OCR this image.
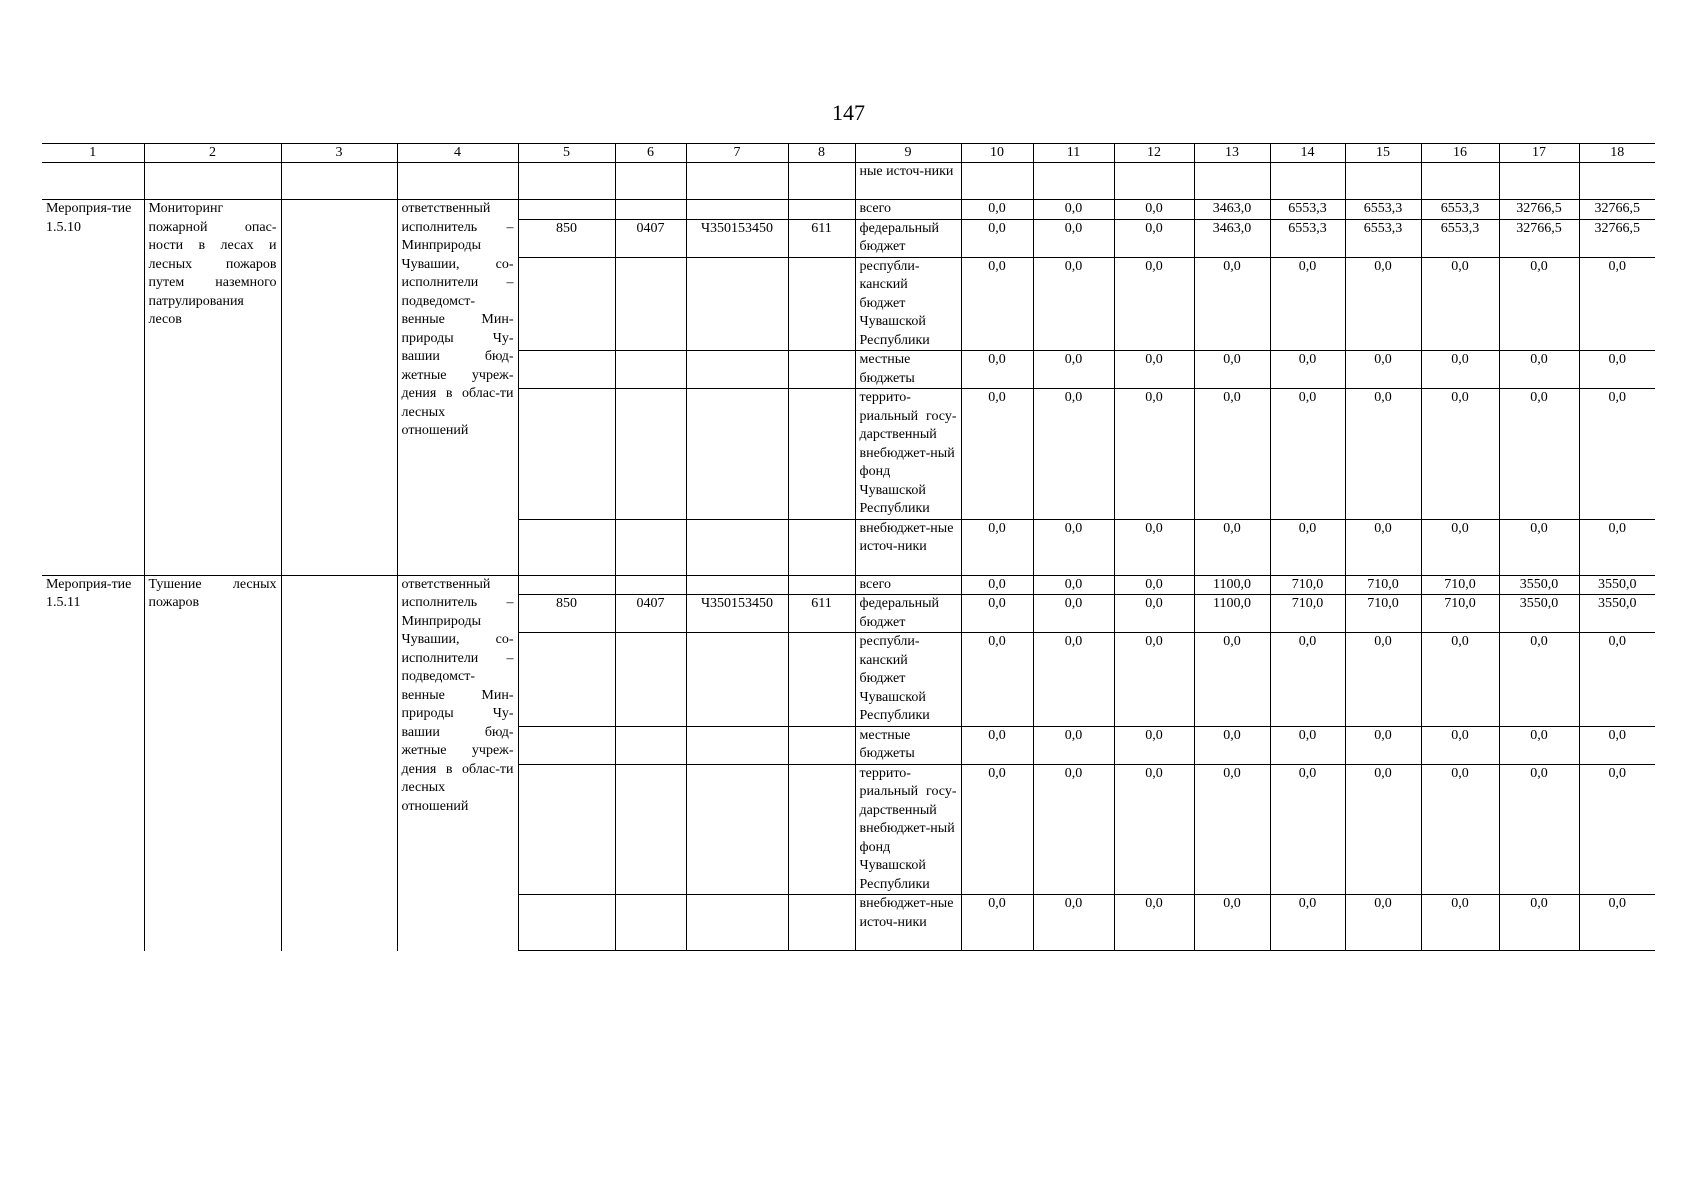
147
1	2	3	4	5	6	7	8	9	10	11	12	13	14	15	16	17	18
								ные источ-ники									
Мероприя-тие 1.5.10	Мониторинг пожарной опас-ности в лесах и лесных пожаров путем наземного патрулирования лесов		ответственный исполнитель – Минприроды Чувашии, со-исполнители – подведомст-венные Мин-природы Чу-вашии бюд-жетные учреж-дения в облас-ти лесных отношений					всего	0,0	0,0	0,0	3463,0	6553,3	6553,3	6553,3	32766,5	32766,5
				850	0407	Ч350153450	611	федеральный бюджет	0,0	0,0	0,0	3463,0	6553,3	6553,3	6553,3	32766,5	32766,5
								республи-канский бюджет Чувашской Республики	0,0	0,0	0,0	0,0	0,0	0,0	0,0	0,0	0,0
								местные бюджеты	0,0	0,0	0,0	0,0	0,0	0,0	0,0	0,0	0,0
								террито-риальный госу-дарственный внебюджет-ный фонд Чувашской Республики	0,0	0,0	0,0	0,0	0,0	0,0	0,0	0,0	0,0
								внебюджет-ные источ-ники	0,0	0,0	0,0	0,0	0,0	0,0	0,0	0,0	0,0
Мероприя-тие 1.5.11	Тушение лесных пожаров		ответственный исполнитель – Минприроды Чувашии, со-исполнители – подведомст-венные Мин-природы Чу-вашии бюд-жетные учреж-дения в облас-ти лесных отношений					всего	0,0	0,0	0,0	1100,0	710,0	710,0	710,0	3550,0	3550,0
				850	0407	Ч350153450	611	федеральный бюджет	0,0	0,0	0,0	1100,0	710,0	710,0	710,0	3550,0	3550,0
								республи-канский бюджет Чувашской Республики	0,0	0,0	0,0	0,0	0,0	0,0	0,0	0,0	0,0
								местные бюджеты	0,0	0,0	0,0	0,0	0,0	0,0	0,0	0,0	0,0
								террито-риальный госу-дарственный внебюджет-ный фонд Чувашской Республики	0,0	0,0	0,0	0,0	0,0	0,0	0,0	0,0	0,0
								внебюджет-ные источ-ники	0,0	0,0	0,0	0,0	0,0	0,0	0,0	0,0	0,0
